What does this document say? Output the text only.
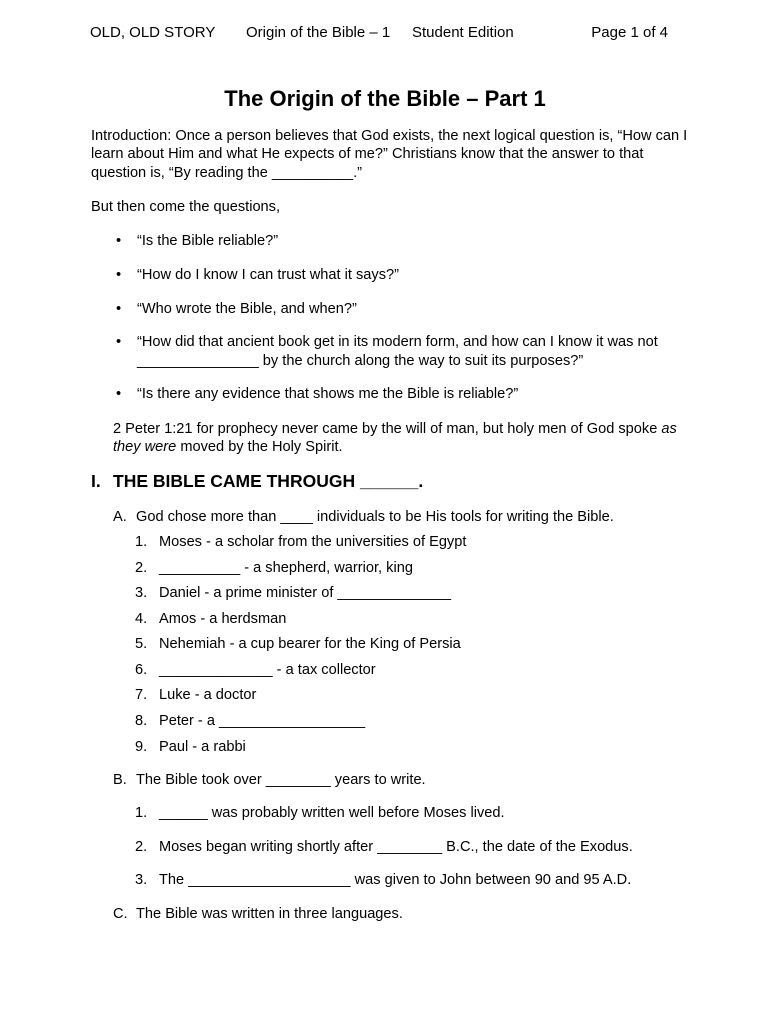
OLD, OLD STORY Origin of the Bible – 1 Student Edition	Page 1 of 4
The Origin of the Bible – Part 1
Introduction: Once a person believes that God exists, the next logical question is, “How can I learn about Him and what He expects of me?” Christians know that the answer to that question is, “By reading the __________.”
But then come the questions,
• “Is the Bible reliable?”
• “How do I know I can trust what it says?”
• “Who wrote the Bible, and when?”
• “How did that ancient book get in its modern form, and how can I know it was not _______________ by the church along the way to suit its purposes?”
• “Is there any evidence that shows me the Bible is reliable?”
2 Peter 1:21 for prophecy never came by the will of man, but holy men of God spoke as they were moved by the Holy Spirit.
I. THE BIBLE CAME THROUGH ______.
A. God chose more than ____ individuals to be His tools for writing the Bible.
1. Moses - a scholar from the universities of Egypt
2. __________ - a shepherd, warrior, king
3. Daniel - a prime minister of ______________
4. Amos - a herdsman
5. Nehemiah - a cup bearer for the King of Persia
6. ______________ - a tax collector
7. Luke - a doctor
8. Peter - a __________________
9. Paul - a rabbi
B. The Bible took over ________ years to write.
1. ______ was probably written well before Moses lived.
2. Moses began writing shortly after ________ B.C., the date of the Exodus.
3. The ____________________ was given to John between 90 and 95 A.D.
C. The Bible was written in three languages.
